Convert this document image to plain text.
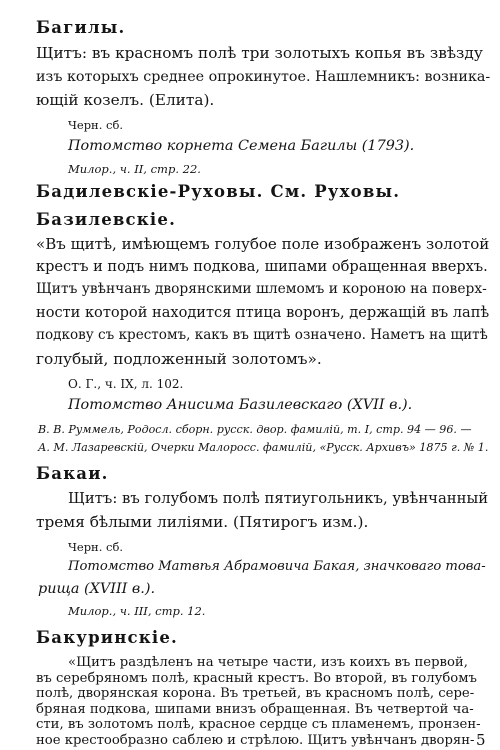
Багилы.
Щитъ: въ красномъ полѣ три золотыхъ копья въ звѣзду
изъ которыхъ среднее опрокинутое. Нашлемникъ: возника-
ющій козелъ. (Елита).
Черн. сб.
Потомство корнета Семена Багилы (1793).
Милор., ч. II, стр. 22.
Бадилевскіе-Руховы. См. Руховы.
Базилевскіе.
«Въ щитѣ, имѣющемъ голубое поле изображенъ золотой
крестъ и подъ нимъ подкова, шипами обращенная вверхъ.
Щитъ увѣнчанъ дворянскими шлемомъ и короною на поверх-
ности которой находится птица воронъ, держащій въ лапѣ
подкову съ крестомъ, какъ въ щитѣ означено. Наметъ на щитѣ
голубый, подложенный золотомъ».
О. Г., ч. IX, л. 102.
Потомство Анисима Базилевскаго (XVII в.).
В. В. Руммель, Родосл. сборн. русск. двор. фамилій, т. I, стр. 94 — 96. —
А. М. Лазаревскій, Очерки Малоросс. фамилій, «Русск. Архивъ» 1875 г. № 1.
Бакаи.
Щитъ: въ голубомъ полѣ пятиугольникъ, увѣнчанный
тремя бѣлыми лиліями. (Пятирогъ изм.).
Черн. сб.
Потомство Матвѣя Абрамовича Бакая, значковаго това-
рища (XVIII в.).
Милор., ч. III, стр. 12.
Бакуринскіе.
«Щитъ раздѣленъ на четыре части, изъ коихъ въ первой,
въ серебряномъ полѣ, красный крестъ. Во второй, въ голубомъ
полѣ, дворянская корона. Въ третьей, въ красномъ полѣ, сере-
бряная подкова, шипами внизъ обращенная. Въ четвертой ча-
сти, въ золотомъ полѣ, красное сердце съ пламенемъ, пронзен-
ное крестообразно саблею и стрѣлою. Щитъ увѣнчанъ дворян- 5
